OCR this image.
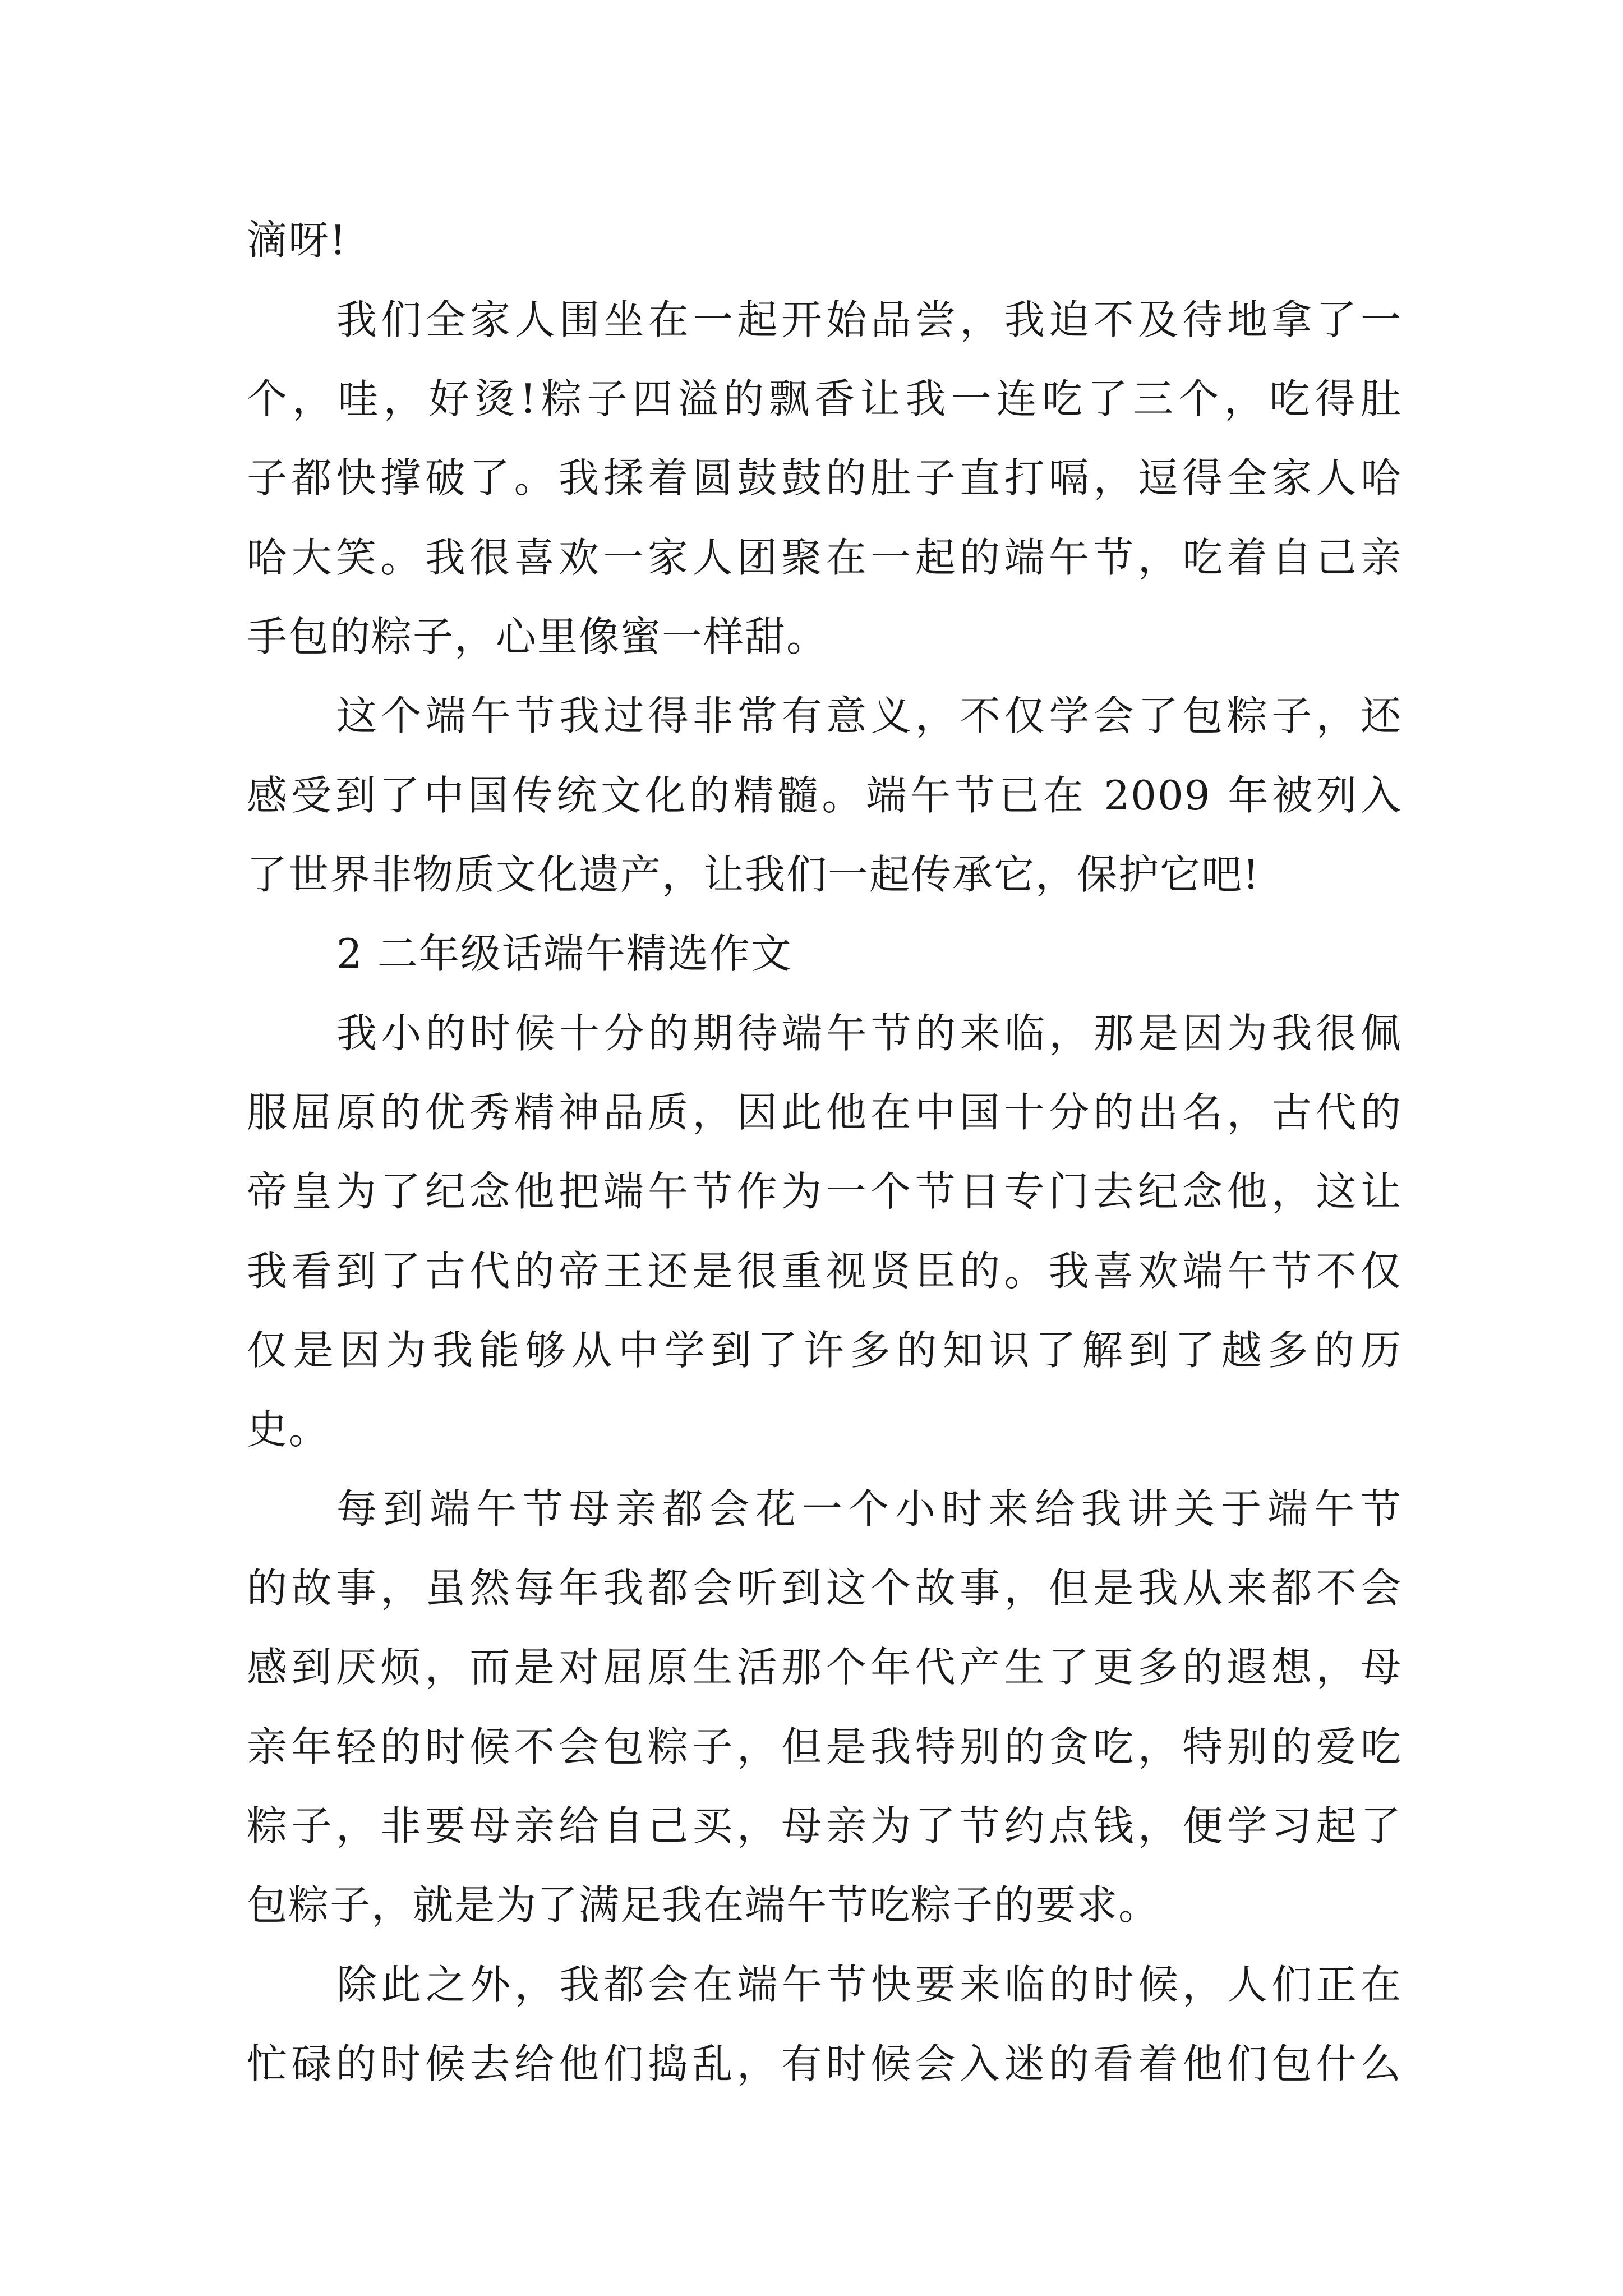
滴呀!
我们全家人围坐在一起开始品尝，我迫不及待地拿了一
个，哇，好烫!粽子四溢的飘香让我一连吃了三个，吃得肚
子都快撑破了。我揉着圆鼓鼓的肚子直打嗝，逗得全家人哈
哈大笑。我很喜欢一家人团聚在一起的端午节，吃着自己亲
手包的粽子，心里像蜜一样甜。
这个端午节我过得非常有意义，不仅学会了包粽子，还
感受到了中国传统文化的精髓。端午节已在 2009 年被列入
了世界非物质文化遗产，让我们一起传承它，保护它吧!
2 二年级话端午精选作文
我小的时候十分的期待端午节的来临，那是因为我很佩
服屈原的优秀精神品质，因此他在中国十分的出名，古代的
帝皇为了纪念他把端午节作为一个节日专门去纪念他，这让
我看到了古代的帝王还是很重视贤臣的。我喜欢端午节不仅
仅是因为我能够从中学到了许多的知识了解到了越多的历
史。
每到端午节母亲都会花一个小时来给我讲关于端午节
的故事，虽然每年我都会听到这个故事，但是我从来都不会
感到厌烦，而是对屈原生活那个年代产生了更多的遐想，母
亲年轻的时候不会包粽子，但是我特别的贪吃，特别的爱吃
粽子，非要母亲给自己买，母亲为了节约点钱，便学习起了
包粽子，就是为了满足我在端午节吃粽子的要求。
除此之外，我都会在端午节快要来临的时候，人们正在
忙碌的时候去给他们捣乱，有时候会入迷的看着他们包什么
